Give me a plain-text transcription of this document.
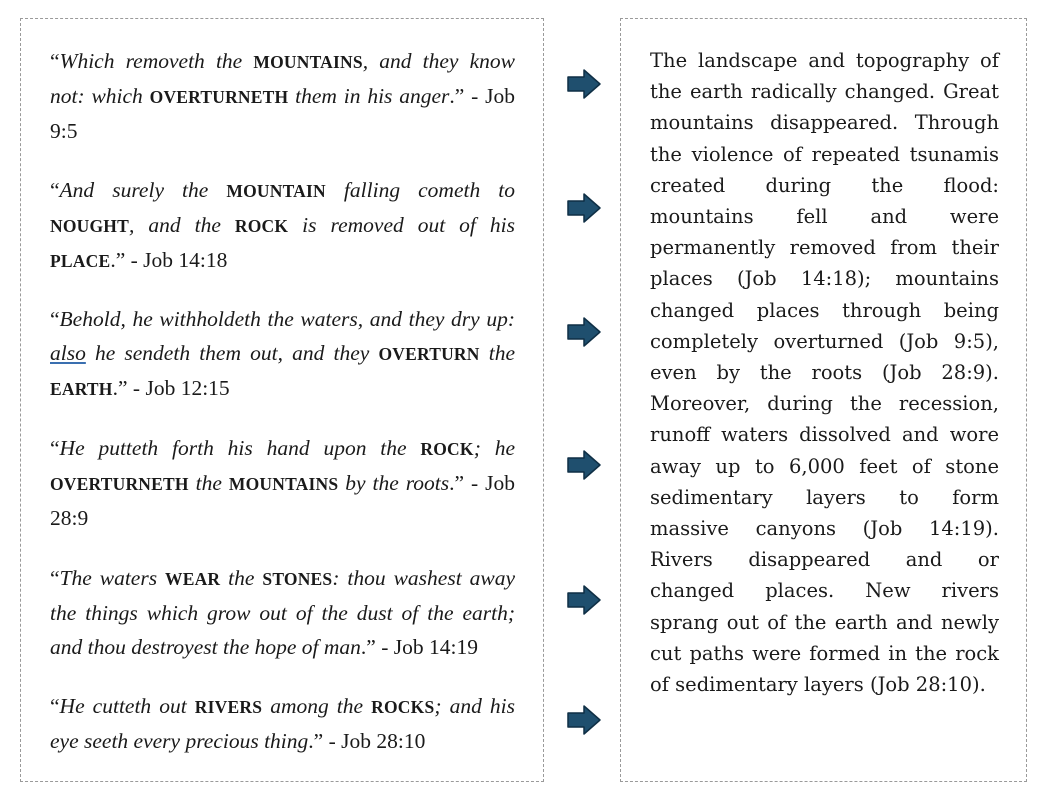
“Which removeth the MOUNTAINS, and they know not: which OVERTURNETH them in his anger.” - Job 9:5

“And surely the MOUNTAIN falling cometh to NOUGHT, and the ROCK is removed out of his PLACE.” - Job 14:18

“Behold, he withholdeth the waters, and they dry up: also he sendeth them out, and they OVERTURN the EARTH.” - Job 12:15

“He putteth forth his hand upon the ROCK; he OVERTURNETH the MOUNTAINS by the roots.” - Job 28:9

“The waters WEAR the STONES: thou washest away the things which grow out of the dust of the earth; and thou destroyest the hope of man.” - Job 14:19

“He cutteth out RIVERS among the ROCKS; and his eye seeth every precious thing.” - Job 28:10

The landscape and topography of the earth radically changed. Great mountains disappeared. Through the violence of repeated tsunamis created during the flood: mountains fell and were permanently removed from their places (Job 14:18); mountains changed places through being completely overturned (Job 9:5), even by the roots (Job 28:9). Moreover, during the recession, runoff waters dissolved and wore away up to 6,000 feet of stone sedimentary layers to form massive canyons (Job 14:19). Rivers disappeared and or changed places. New rivers sprang out of the earth and newly cut paths were formed in the rock of sedimentary layers (Job 28:10).
